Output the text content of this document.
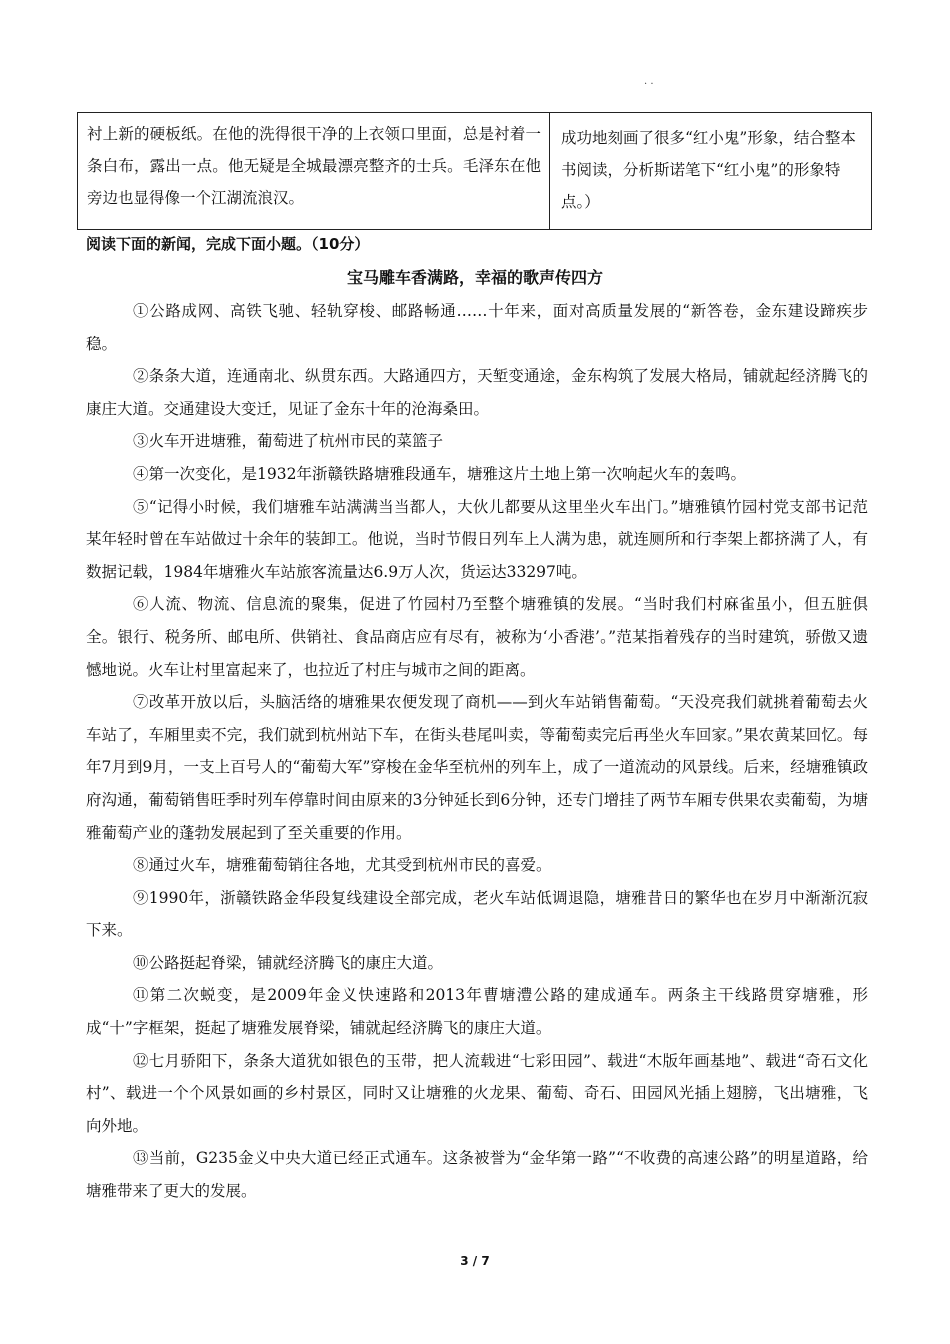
. .
衬上新的硬板纸。在他的洗得很干净的上衣领口里面，总是衬着一条白布，露出一点。他无疑是全城最漂亮整齐的士兵。毛泽东在他旁边也显得像一个江湖流浪汉。
成功地刻画了很多“红小鬼”形象，结合整本书阅读，分析斯诺笔下“红小鬼”的形象特点。）
阅读下面的新闻，完成下面小题。（10分）
宝马雕车香满路，幸福的歌声传四方

①公路成网、高铁飞驰、轻轨穿梭、邮路畅通……十年来，面对高质量发展的“新答卷，金东建设蹄疾步稳。

②条条大道，连通南北、纵贯东西。大路通四方，天堑变通途，金东构筑了发展大格局，铺就起经济腾飞的康庄大道。交通建设大变迁，见证了金东十年的沧海桑田。

③火车开进塘雅，葡萄进了杭州市民的菜篮子

④第一次变化，是1932年浙赣铁路塘雅段通车，塘雅这片土地上第一次响起火车的轰鸣。

⑤“记得小时候，我们塘雅车站满满当当都人，大伙儿都要从这里坐火车出门。”塘雅镇竹园村党支部书记范某年轻时曾在车站做过十余年的装卸工。他说，当时节假日列车上人满为患，就连厕所和行李架上都挤满了人，有数据记载，1984年塘雅火车站旅客流量达6.9万人次，货运达33297吨。

⑥人流、物流、信息流的聚集，促进了竹园村乃至整个塘雅镇的发展。“当时我们村麻雀虽小，但五脏俱全。银行、税务所、邮电所、供销社、食品商店应有尽有，被称为‘小香港’。”范某指着残存的当时建筑，骄傲又遗憾地说。火车让村里富起来了，也拉近了村庄与城市之间的距离。

⑦改革开放以后，头脑活络的塘雅果农便发现了商机——到火车站销售葡萄。“天没亮我们就挑着葡萄去火车站了，车厢里卖不完，我们就到杭州站下车，在街头巷尾叫卖，等葡萄卖完后再坐火车回家。”果农黄某回忆。每年7月到9月，一支上百号人的“葡萄大军”穿梭在金华至杭州的列车上，成了一道流动的风景线。后来，经塘雅镇政府沟通，葡萄销售旺季时列车停靠时间由原来的3分钟延长到6分钟，还专门增挂了两节车厢专供果农卖葡萄，为塘雅葡萄产业的蓬勃发展起到了至关重要的作用。

⑧通过火车，塘雅葡萄销往各地，尤其受到杭州市民的喜爱。

⑨1990年，浙赣铁路金华段复线建设全部完成，老火车站低调退隐，塘雅昔日的繁华也在岁月中渐渐沉寂下来。

⑩公路挺起脊梁，铺就经济腾飞的康庄大道。

⑪第二次蜕变，是2009年金义快速路和2013年曹塘澧公路的建成通车。两条主干线路贯穿塘雅，形成“十”字框架，挺起了塘雅发展脊梁，铺就起经济腾飞的康庄大道。

⑫七月骄阳下，条条大道犹如银色的玉带，把人流载进“七彩田园”、载进“木版年画基地”、载进“奇石文化村”、载进一个个风景如画的乡村景区，同时又让塘雅的火龙果、葡萄、奇石、田园风光插上翅膀，飞出塘雅，飞向外地。

⑬当前，G235金义中央大道已经正式通车。这条被誉为“金华第一路”“不收费的高速公路”的明星道路，给塘雅带来了更大的发展。

3 / 7
